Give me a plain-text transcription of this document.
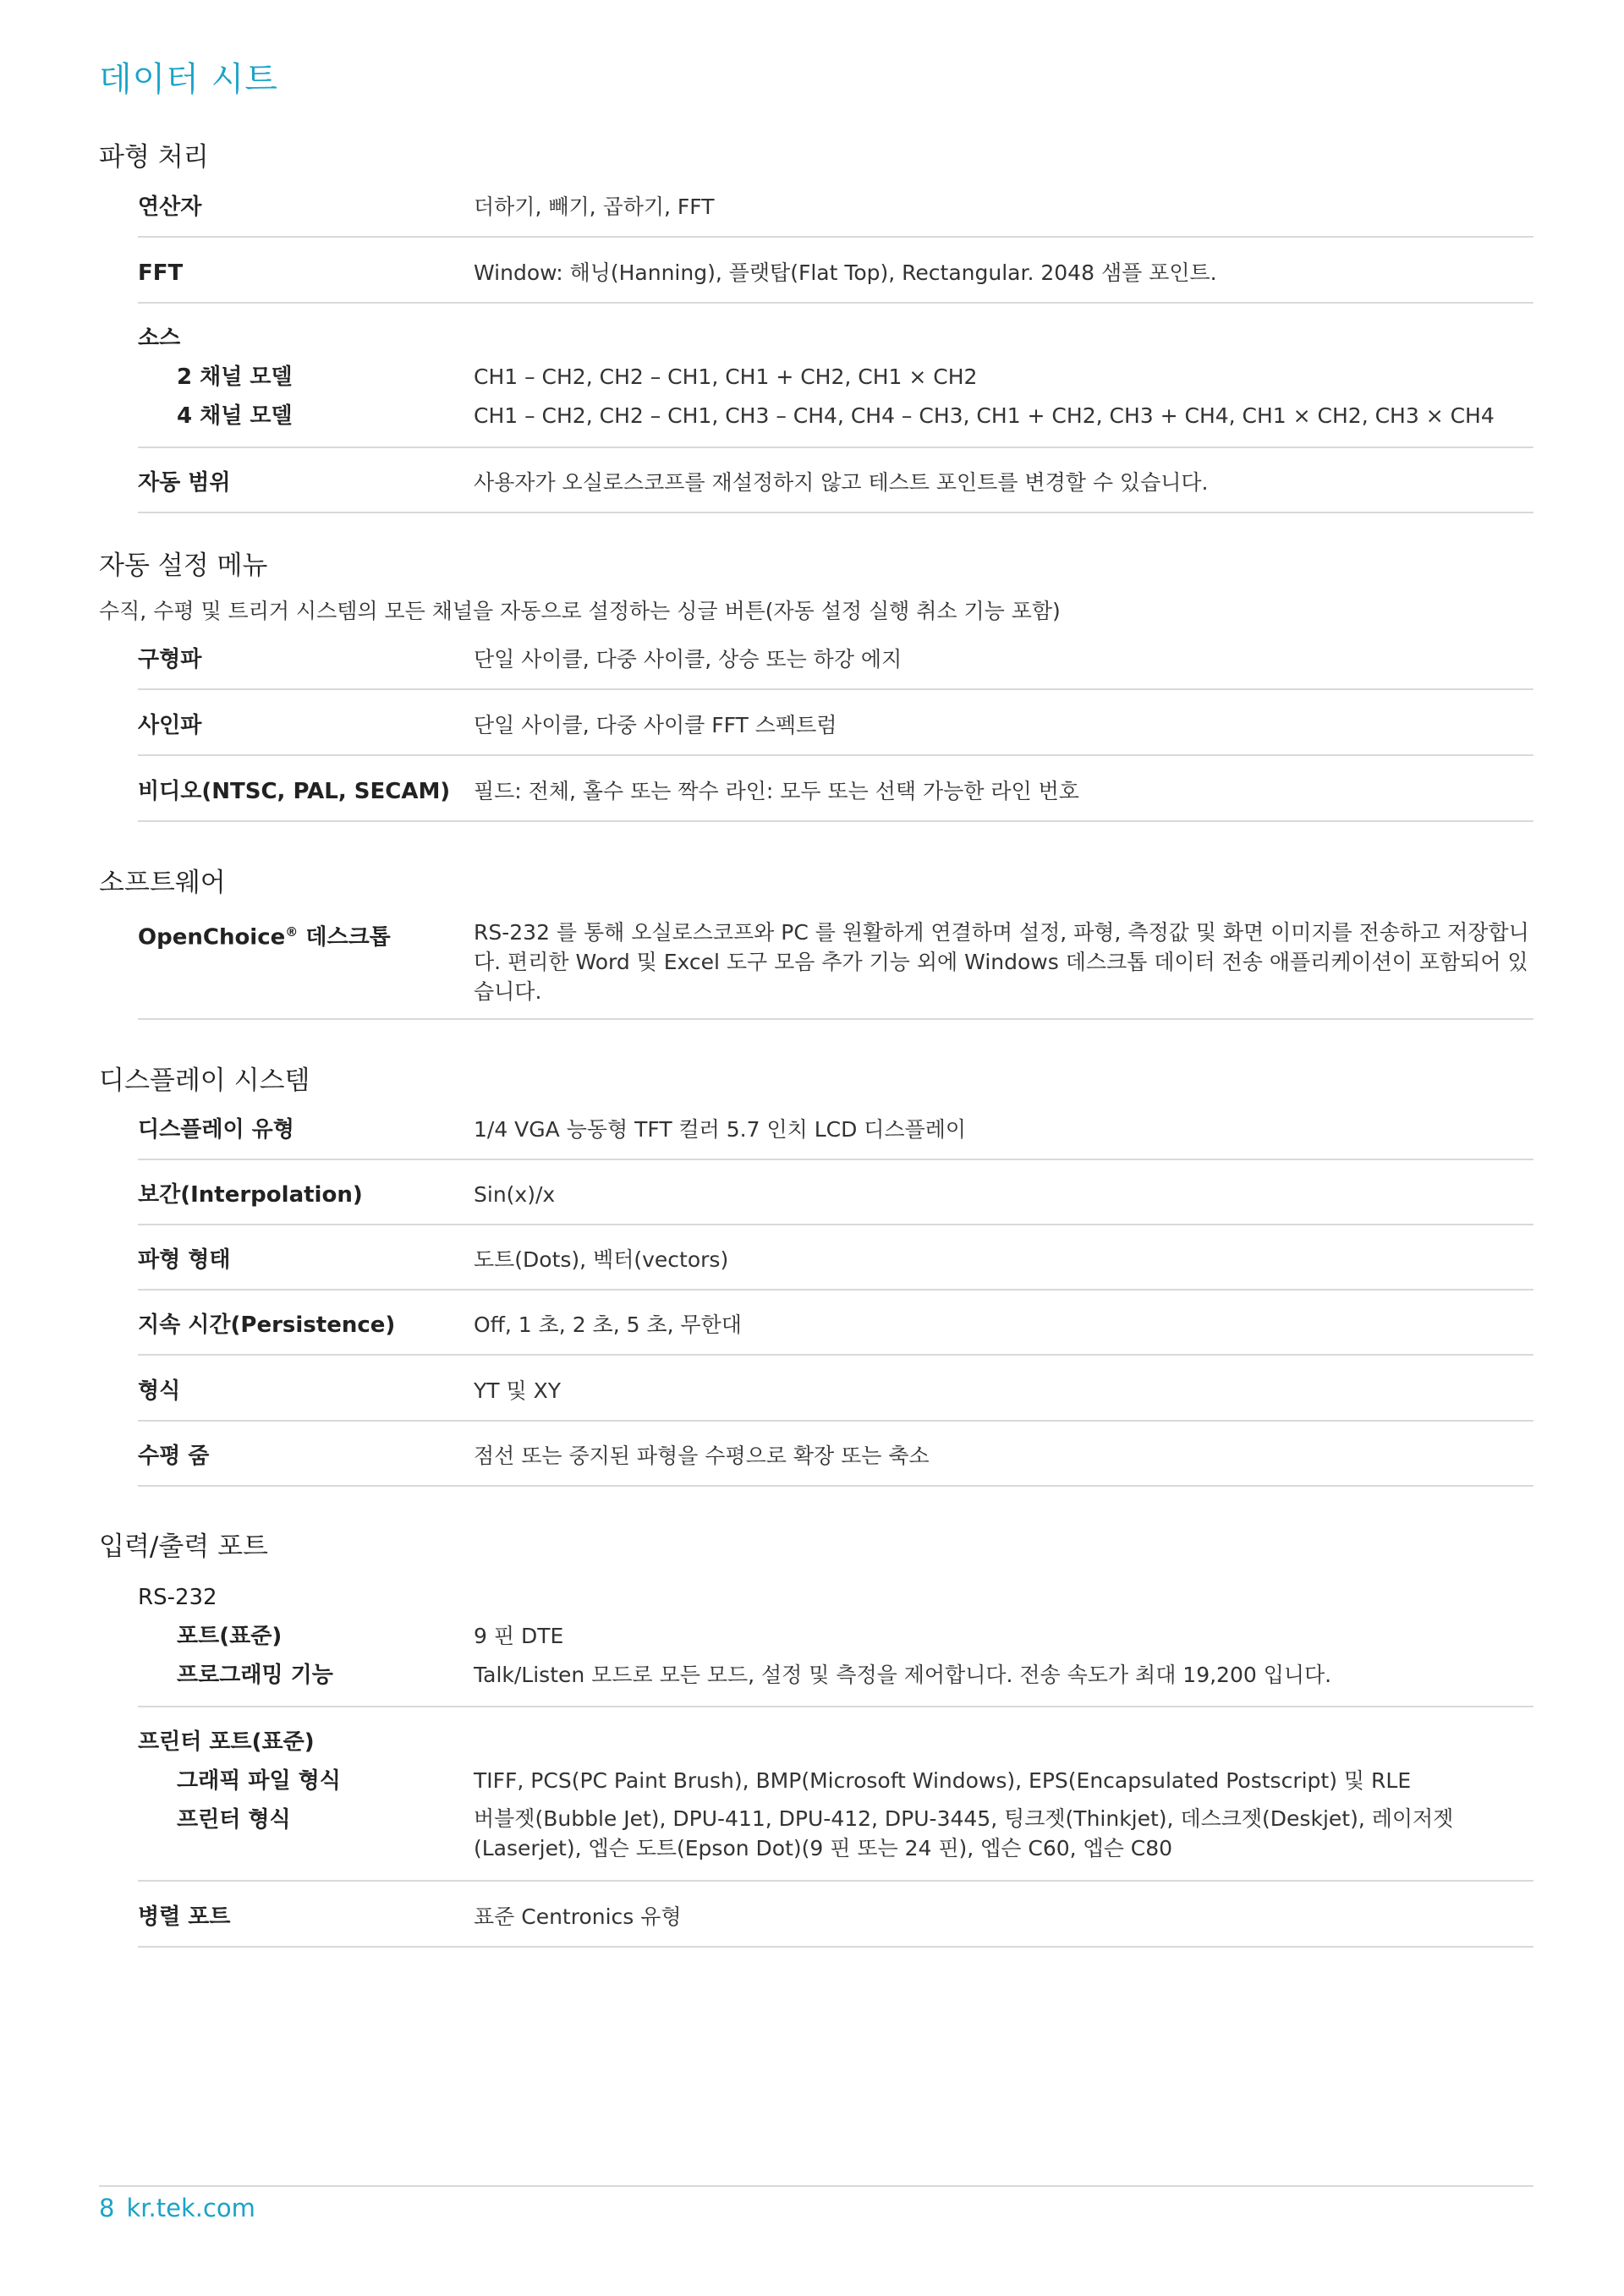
데이터 시트
파형 처리
연산자	더하기, 빼기, 곱하기, FFT
FFT	Window: 해닝(Hanning), 플랫탑(Flat Top), Rectangular. 2048 샘플 포인트.
소스
2 채널 모델	CH1 – CH2, CH2 – CH1, CH1 + CH2, CH1 × CH2
4 채널 모델	CH1 – CH2, CH2 – CH1, CH3 – CH4, CH4 – CH3, CH1 + CH2, CH3 + CH4, CH1 × CH2, CH3 × CH4
자동 범위	사용자가 오실로스코프를 재설정하지 않고 테스트 포인트를 변경할 수 있습니다.
자동 설정 메뉴
수직, 수평 및 트리거 시스템의 모든 채널을 자동으로 설정하는 싱글 버튼(자동 설정 실행 취소 기능 포함)
구형파	단일 사이클, 다중 사이클, 상승 또는 하강 에지
사인파	단일 사이클, 다중 사이클 FFT 스펙트럼
비디오(NTSC, PAL, SECAM)	필드: 전체, 홀수 또는 짝수 라인: 모두 또는 선택 가능한 라인 번호
소프트웨어
OpenChoice® 데스크톱	RS-232 를 통해 오실로스코프와 PC 를 원활하게 연결하며 설정, 파형, 측정값 및 화면 이미지를 전송하고 저장합니다. 편리한 Word 및 Excel 도구 모음 추가 기능 외에 Windows 데스크톱 데이터 전송 애플리케이션이 포함되어 있습니다.
디스플레이 시스템
디스플레이 유형	1/4 VGA 능동형 TFT 컬러 5.7 인치 LCD 디스플레이
보간(Interpolation)	Sin(x)/x
파형 형태	도트(Dots), 벡터(vectors)
지속 시간(Persistence)	Off, 1 초, 2 초, 5 초, 무한대
형식	YT 및 XY
수평 줌	점선 또는 중지된 파형을 수평으로 확장 또는 축소
입력/출력 포트
RS-232
포트(표준)	9 핀 DTE
프로그래밍 기능	Talk/Listen 모드로 모든 모드, 설정 및 측정을 제어합니다. 전송 속도가 최대 19,200 입니다.
프린터 포트(표준)
그래픽 파일 형식	TIFF, PCS(PC Paint Brush), BMP(Microsoft Windows), EPS(Encapsulated Postscript) 및 RLE
프린터 형식	버블젯(Bubble Jet), DPU-411, DPU-412, DPU-3445, 팅크젯(Thinkjet), 데스크젯(Deskjet), 레이저젯(Laserjet), 엡슨 도트(Epson Dot)(9 핀 또는 24 핀), 엡슨 C60, 엡슨 C80
병렬 포트	표준 Centronics 유형
8 kr.tek.com
